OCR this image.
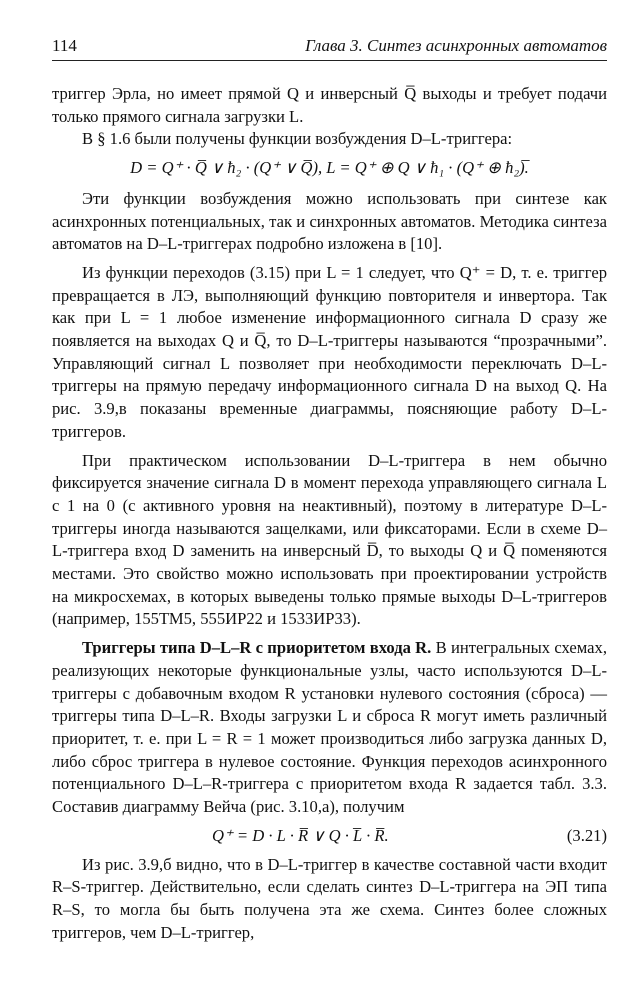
114	Глава 3. Синтез асинхронных автоматов

триггер Эрла, но имеет прямой Q и инверсный Q̅ выходы и требует подачи только прямого сигнала загрузки L.

В § 1.6 были получены функции возбуждения D–L-триггера:

D = Q⁺ · Q̅ ∨ ħ₂ · (Q⁺ ∨ Q̅), L = Q⁺ ⊕ Q ∨ ħ₁ · (Q⁺ ⊕ ħ₂)̅.

Эти функции возбуждения можно использовать при синтезе как асинхронных потенциальных, так и синхронных автоматов. Методика синтеза автоматов на D–L-триггерах подробно изложена в [10].

Из функции переходов (3.15) при L = 1 следует, что Q⁺ = D, т. е. триггер превращается в ЛЭ, выполняющий функцию повторителя и инвертора. Так как при L = 1 любое изменение информационного сигнала D сразу же появляется на выходах Q и Q̅, то D–L-триггеры называются “прозрачными”. Управляющий сигнал L позволяет при необходимости переключать D–L-триггеры на прямую передачу информационного сигнала D на выход Q. На рис. 3.9,в показаны временные диаграммы, поясняющие работу D–L-триггеров.

При практическом использовании D–L-триггера в нем обычно фиксируется значение сигнала D в момент перехода управляющего сигнала L с 1 на 0 (с активного уровня на неактивный), поэтому в литературе D–L-триггеры иногда называются защелками, или фиксаторами. Если в схеме D–L-триггера вход D заменить на инверсный D̅, то выходы Q и Q̅ поменяются местами. Это свойство можно использовать при проектировании устройств на микросхемах, в которых выведены только прямые выходы D–L-триггеров (например, 155ТМ5, 555ИР22 и 1533ИР33).

Триггеры типа D–L–R с приоритетом входа R. В интегральных схемах, реализующих некоторые функциональные узлы, часто используются D–L-триггеры с добавочным входом R установки нулевого состояния (сброса) — триггеры типа D–L–R. Входы загрузки L и сброса R могут иметь различный приоритет, т. е. при L = R = 1 может производиться либо загрузка данных D, либо сброс триггера в нулевое состояние. Функция переходов асинхронного потенциального D–L–R-триггера с приоритетом входа R задается табл. 3.3. Составив диаграмму Вейча (рис. 3.10,а), получим

Q⁺ = D · L · R̅ ∨ Q · L̅ · R̅.	(3.21)

Из рис. 3.9,б видно, что в D–L-триггер в качестве составной части входит R–S-триггер. Действительно, если сделать синтез D–L-триггера на ЭП типа R–S, то могла бы быть получена эта же схема. Синтез более сложных триггеров, чем D–L-триггер,
